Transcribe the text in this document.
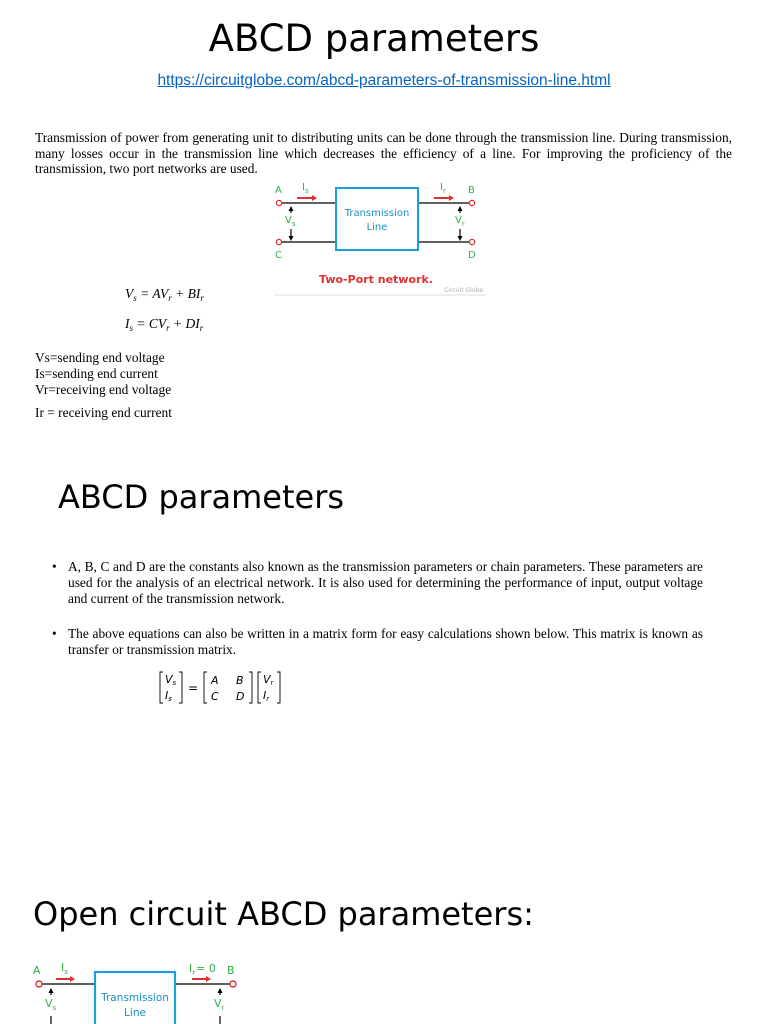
ABCD parameters
https://circuitglobe.com/abcd-parameters-of-transmission-line.html
Transmission of power from generating unit to distributing units can be done through the transmission line. During transmission, many losses occur in the transmission line which decreases the efficiency of a line. For improving the proficiency of the transmission, two port networks are used.
Transmission
Line
A	B
C	D
$I_s$	$I_r$
$V_s$	$V_r$
Two-Port network.
Circuit Globe
$V_s = AV_r + BI_r$
$I_s = CV_r + DI_r$
Vs=sending end voltage
Is=sending end current
Vr=receiving end voltage
Ir = receiving end current
ABCD parameters
• A, B, C and D are the constants also known as the transmission parameters or chain parameters. These parameters are used for the analysis of an electrical network. It is also used for determining the performance of input, output voltage and current of the transmission network.
• The above equations can also be written in a matrix form for easy calculations shown below. This matrix is known as transfer or transmission matrix.
Vs
Is
=
A B
C D
Vr
Ir
Open circuit ABCD parameters:
Transmission
Line
A	B
$I_s$	$I_r= 0$
$V_s$	$V_r$
